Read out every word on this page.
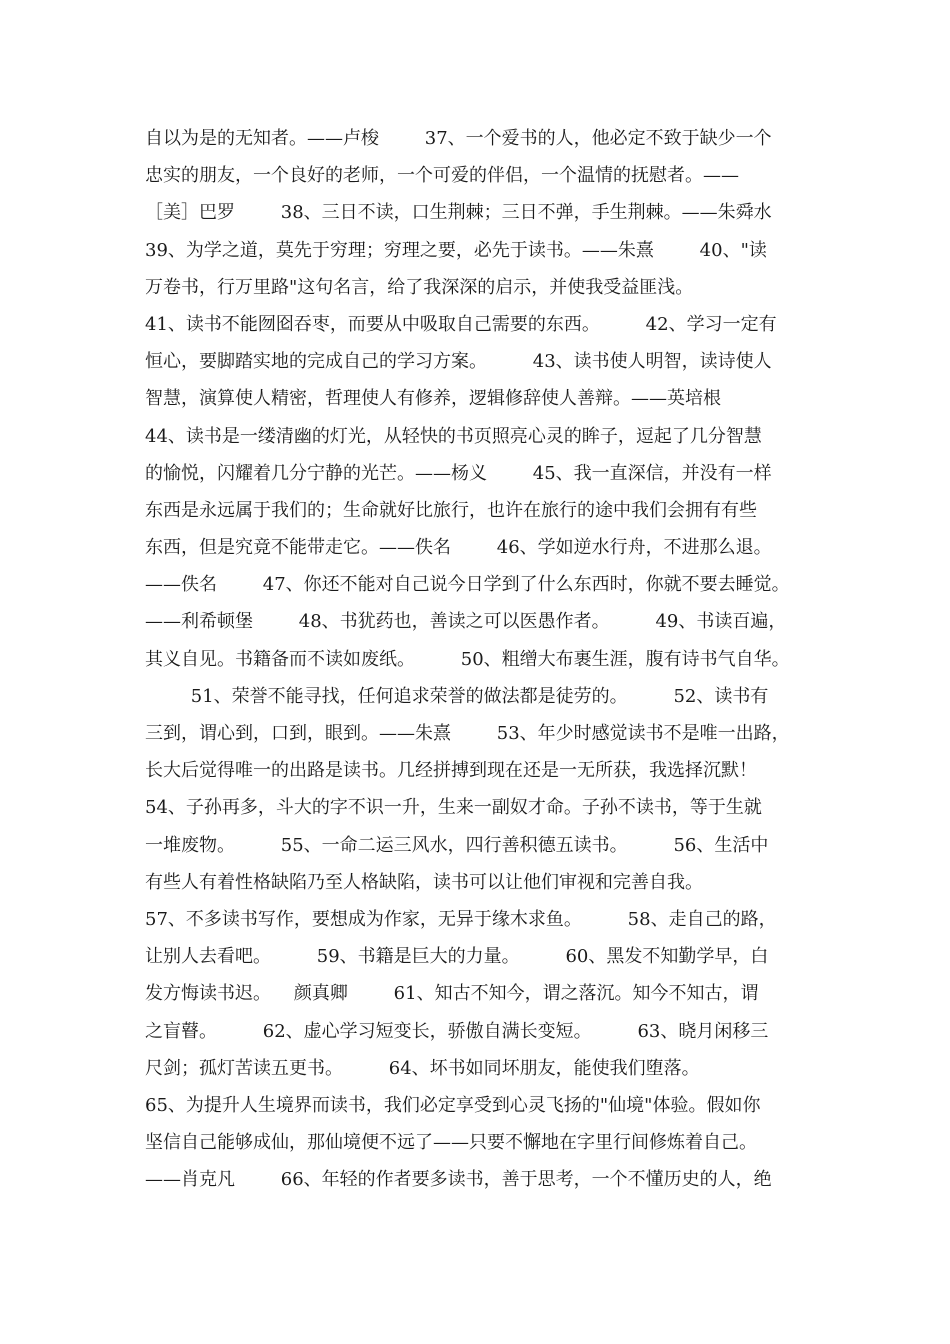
自以为是的无知者。——卢梭        37、一个爱书的人，他必定不致于缺少一个
忠实的朋友，一个良好的老师，一个可爱的伴侣，一个温情的抚慰者。——
［美］巴罗        38、三日不读，口生荆棘；三日不弹，手生荆棘。——朱舜水
39、为学之道，莫先于穷理；穷理之要，必先于读书。——朱熹        40、"读
万卷书，行万里路"这句名言，给了我深深的启示，并使我受益匪浅。
41、读书不能囫囵吞枣，而要从中吸取自己需要的东西。        42、学习一定有
恒心，要脚踏实地的完成自己的学习方案。        43、读书使人明智，读诗使人
智慧，演算使人精密，哲理使人有修养，逻辑修辞使人善辩。——英培根
44、读书是一缕清幽的灯光，从轻快的书页照亮心灵的眸子，逗起了几分智慧
的愉悦，闪耀着几分宁静的光芒。——杨义        45、我一直深信，并没有一样
东西是永远属于我们的；生命就好比旅行，也许在旅行的途中我们会拥有有些
东西，但是究竟不能带走它。——佚名        46、学如逆水行舟，不进那么退。
——佚名        47、你还不能对自己说今日学到了什么东西时，你就不要去睡觉。
——利希顿堡        48、书犹药也，善读之可以医愚作者。        49、书读百遍，
其义自见。书籍备而不读如废纸。        50、粗缯大布裹生涯，腹有诗书气自华。
51、荣誉不能寻找，任何追求荣誉的做法都是徒劳的。        52、读书有
三到，谓心到，口到，眼到。——朱熹        53、年少时感觉读书不是唯一出路，
长大后觉得唯一的出路是读书。几经拼搏到现在还是一无所获，我选择沉默！
54、子孙再多，斗大的字不识一升，生来一副奴才命。子孙不读书，等于生就
一堆废物。        55、一命二运三风水，四行善积德五读书。        56、生活中
有些人有着性格缺陷乃至人格缺陷，读书可以让他们审视和完善自我。
57、不多读书写作，要想成为作家，无异于缘木求鱼。        58、走自己的路，
让别人去看吧。        59、书籍是巨大的力量。        60、黑发不知勤学早，白
发方悔读书迟。    颜真卿        61、知古不知今，谓之落沉。知今不知古，谓
之盲瞽。        62、虚心学习短变长，骄傲自满长变短。        63、晓月闲移三
尺剑；孤灯苦读五更书。        64、坏书如同坏朋友，能使我们堕落。
65、为提升人生境界而读书，我们必定享受到心灵飞扬的"仙境"体验。假如你
坚信自己能够成仙，那仙境便不远了——只要不懈地在字里行间修炼着自己。
——肖克凡        66、年轻的作者要多读书，善于思考，一个不懂历史的人，绝
